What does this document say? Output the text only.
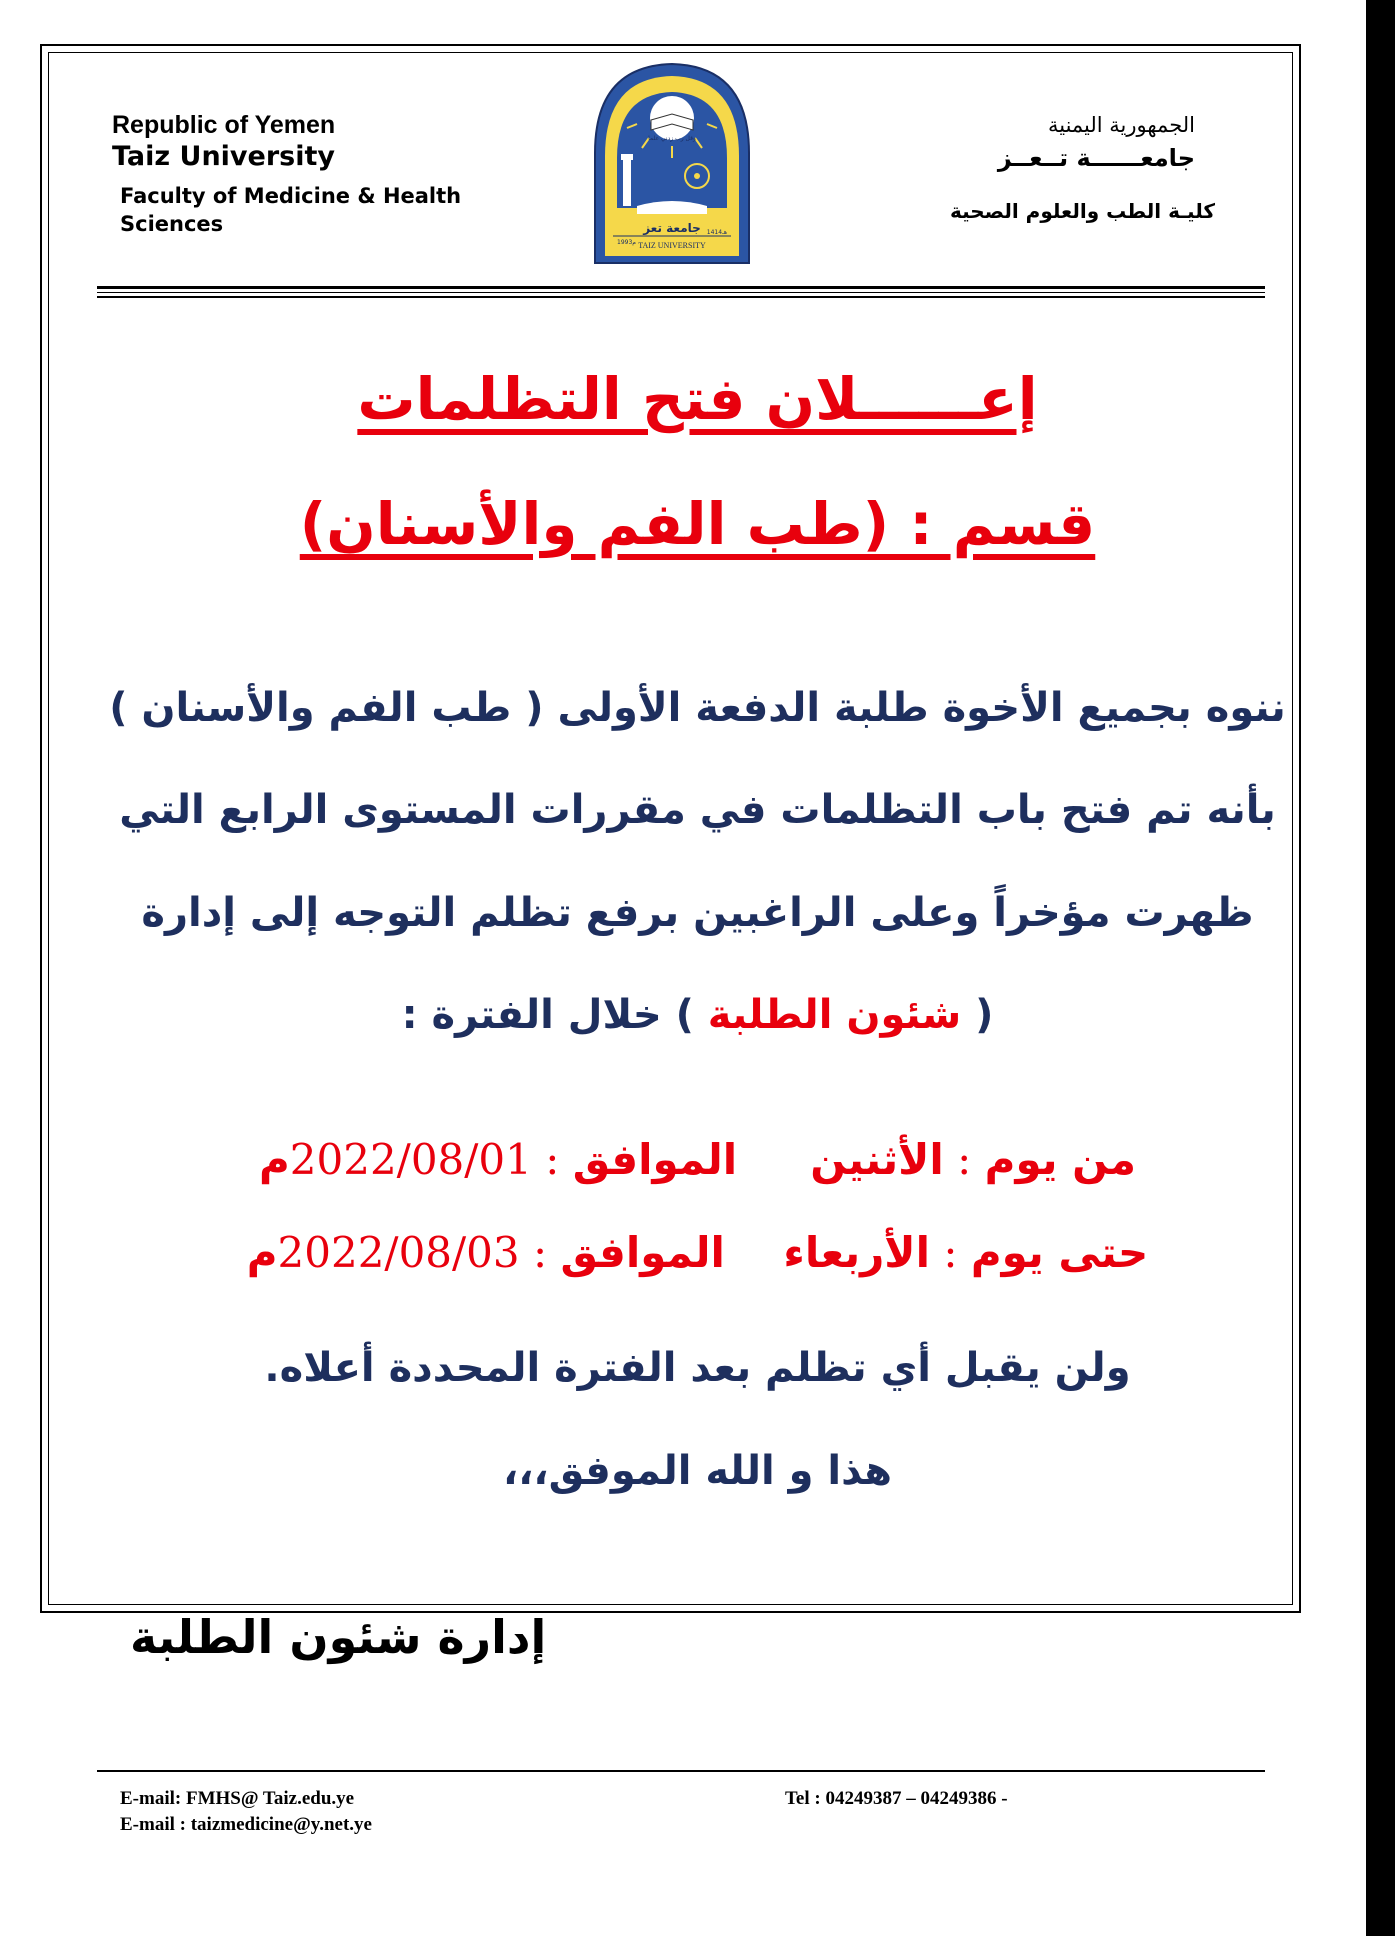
Republic of Yemen
Taiz University
Faculty of Medicine & Health Sciences	جامعة تعز
TAIZ UNIVERSITY
1414هـ
1993م
وقل رب زدني علما
الجمهورية اليمنية
جامعــــــة تــعــز
كليـة الطب والعلوم الصحية
إعــــــلان فتح التظلمات
قسم : (طب الفم والأسنان)
ننوه بجميع الأخوة طلبة الدفعة الأولى ( طب الفم والأسنان )
بأنه تم فتح باب التظلمات في مقررات المستوى الرابع التي
ظهرت مؤخراً وعلى الراغبين برفع تظلم التوجه إلى إدارة
( شئون الطلبة ) خلال الفترة :
من يوم : الأثنين     الموافق : 2022/08/01م
حتى يوم : الأربعاء    الموافق : 2022/08/03م
ولن يقبل أي تظلم بعد الفترة المحددة أعلاه.
هذا و الله الموفق،،،
إدارة شئون الطلبة
E-mail: FMHS@ Taiz.edu.ye
E-mail : taizmedicine@y.net.ye
Tel : 04249387 – 04249386 -
